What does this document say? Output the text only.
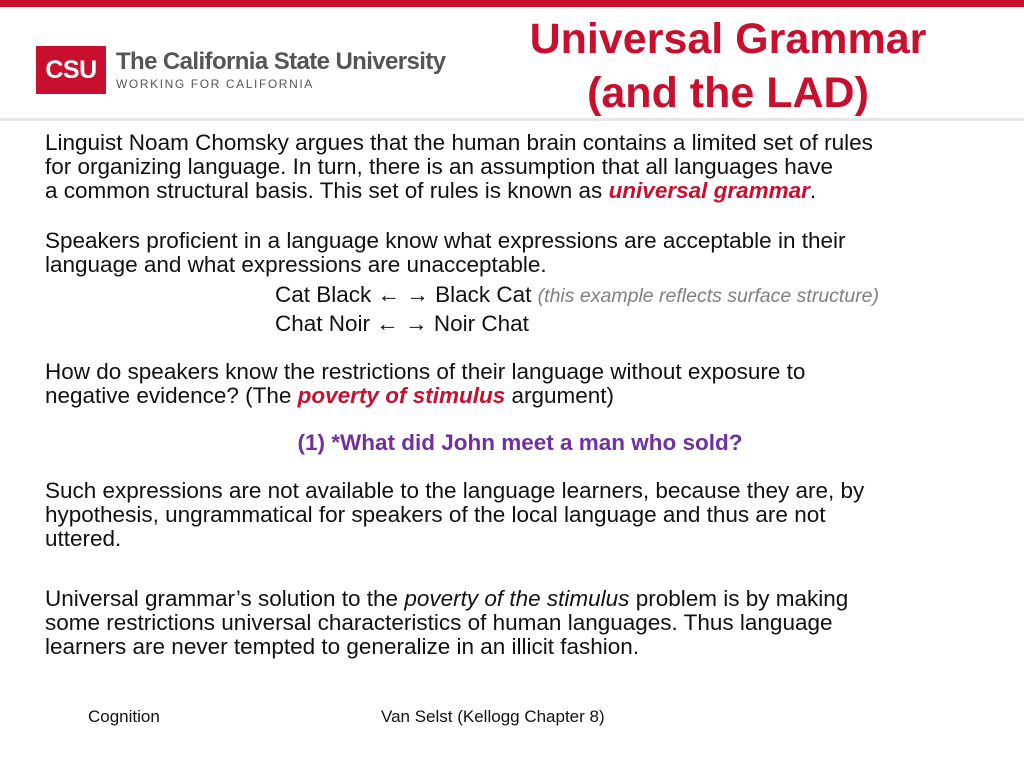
CSU The California State University
WORKING FOR CALIFORNIA
Universal Grammar
(and the LAD)
Linguist Noam Chomsky argues that the human brain contains a limited set of rules
for organizing language. In turn, there is an assumption that all languages have
a common structural basis. This set of rules is known as universal grammar.
Speakers proficient in a language know what expressions are acceptable in their
language and what expressions are unacceptable.
Cat Black ← → Black Cat (this example reflects surface structure)
Chat Noir ← → Noir Chat
How do speakers know the restrictions of their language without exposure to
negative evidence? (The poverty of stimulus argument)
(1) *What did John meet a man who sold?
Such expressions are not available to the language learners, because they are, by
hypothesis, ungrammatical for speakers of the local language and thus are not
uttered.
Universal grammar’s solution to the poverty of the stimulus problem is by making
some restrictions universal characteristics of human languages. Thus language
learners are never tempted to generalize in an illicit fashion.
Cognition	Van Selst (Kellogg Chapter 8)
